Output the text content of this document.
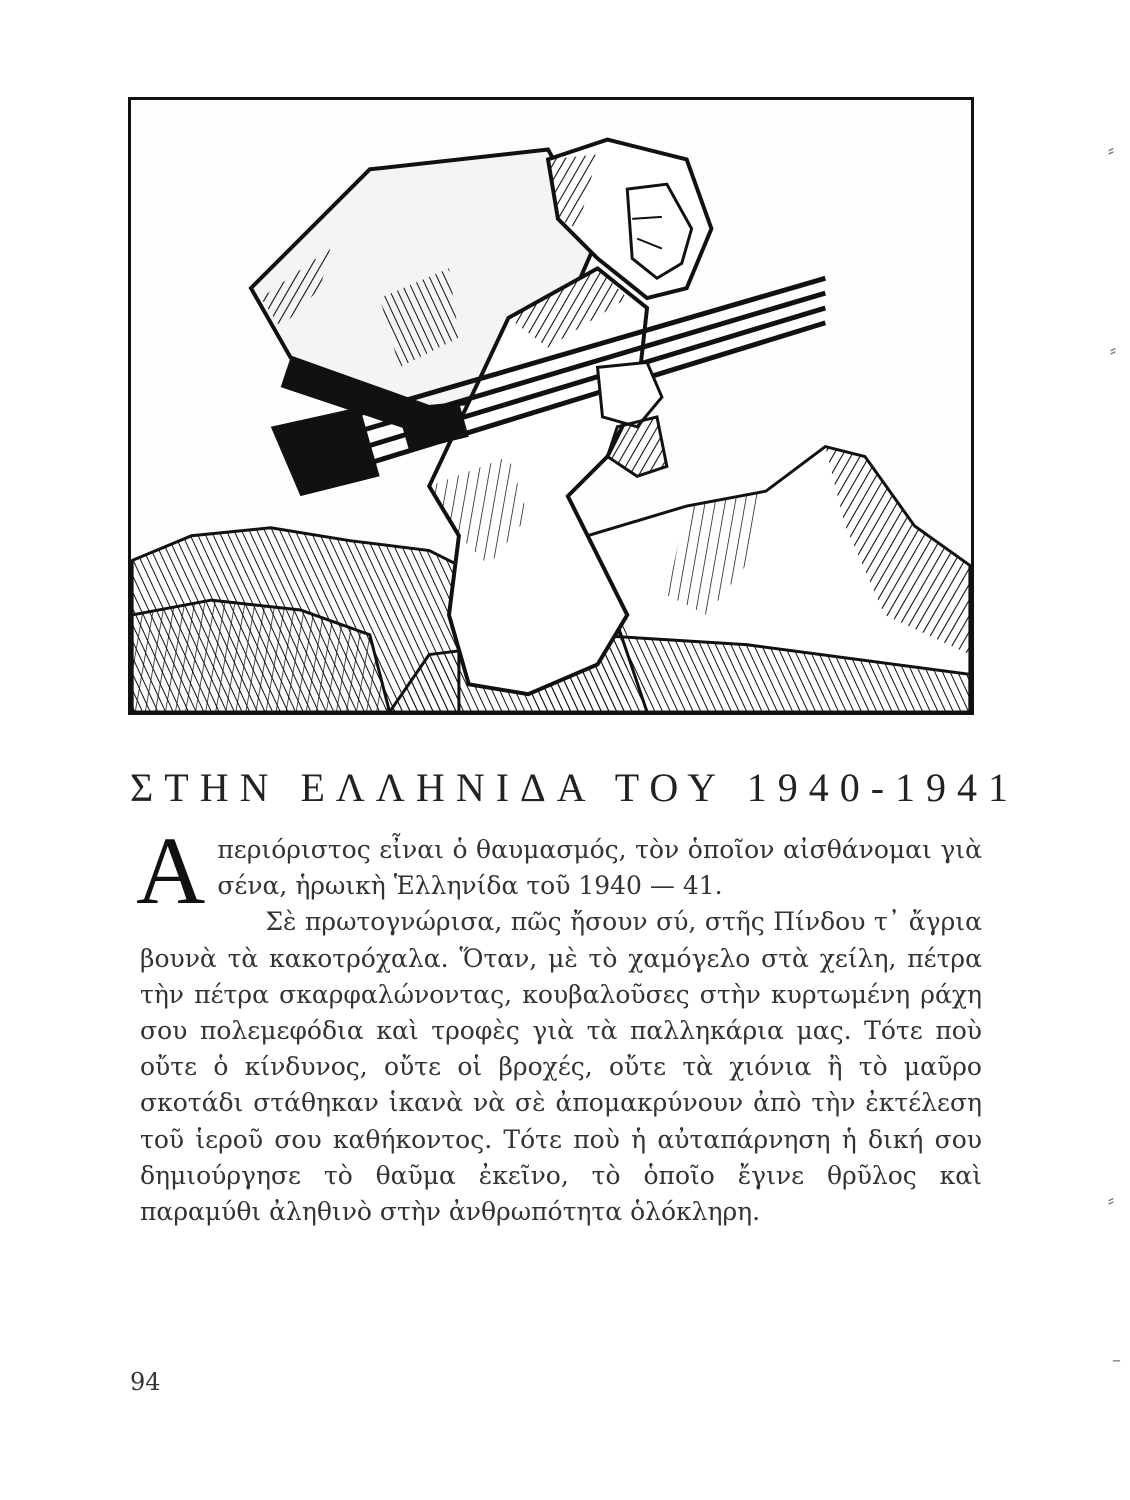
ΣΤΗΝ ΕΛΛΗΝΙΔΑ ΤΟΥ 1940-1941

Α περιόριστος εἶναι ὁ θαυμασμός, τὸν ὁποῖον αἰσθάνομαι γιὰ σένα, ἡρωικὴ Ἑλληνίδα τοῦ 1940 — 41.

Σὲ πρωτογνώρισα, πῶς ἤσουν σύ, στῆς Πίνδου τ᾽ ἄγρια βουνὰ τὰ κακοτρόχαλα. Ὅταν, μὲ τὸ χαμόγελο στὰ χείλη, πέτρα τὴν πέτρα σκαρφαλώνοντας, κουβαλοῦσες στὴν κυρτωμένη ράχη σου πολεμεφόδια καὶ τροφὲς γιὰ τὰ παλληκάρια μας. Τότε ποὺ οὔτε ὁ κίνδυνος, οὔτε οἱ βροχές, οὔτε τὰ χιόνια ἢ τὸ μαῦρο σκοτάδι στάθηκαν ἱκανὰ νὰ σὲ ἀπομακρύνουν ἀπὸ τὴν ἐκτέλεση τοῦ ἱεροῦ σου καθήκοντος. Τότε ποὺ ἡ αὐταπάρνηση ἡ δική σου δημιούργησε τὸ θαῦμα ἐκεῖνο, τὸ ὁποῖο ἔγινε θρῦλος καὶ παραμύθι ἀληθινὸ στὴν ἀνθρωπότητα ὁλόκληρη.

94
⸗
⸗
⸗
–
